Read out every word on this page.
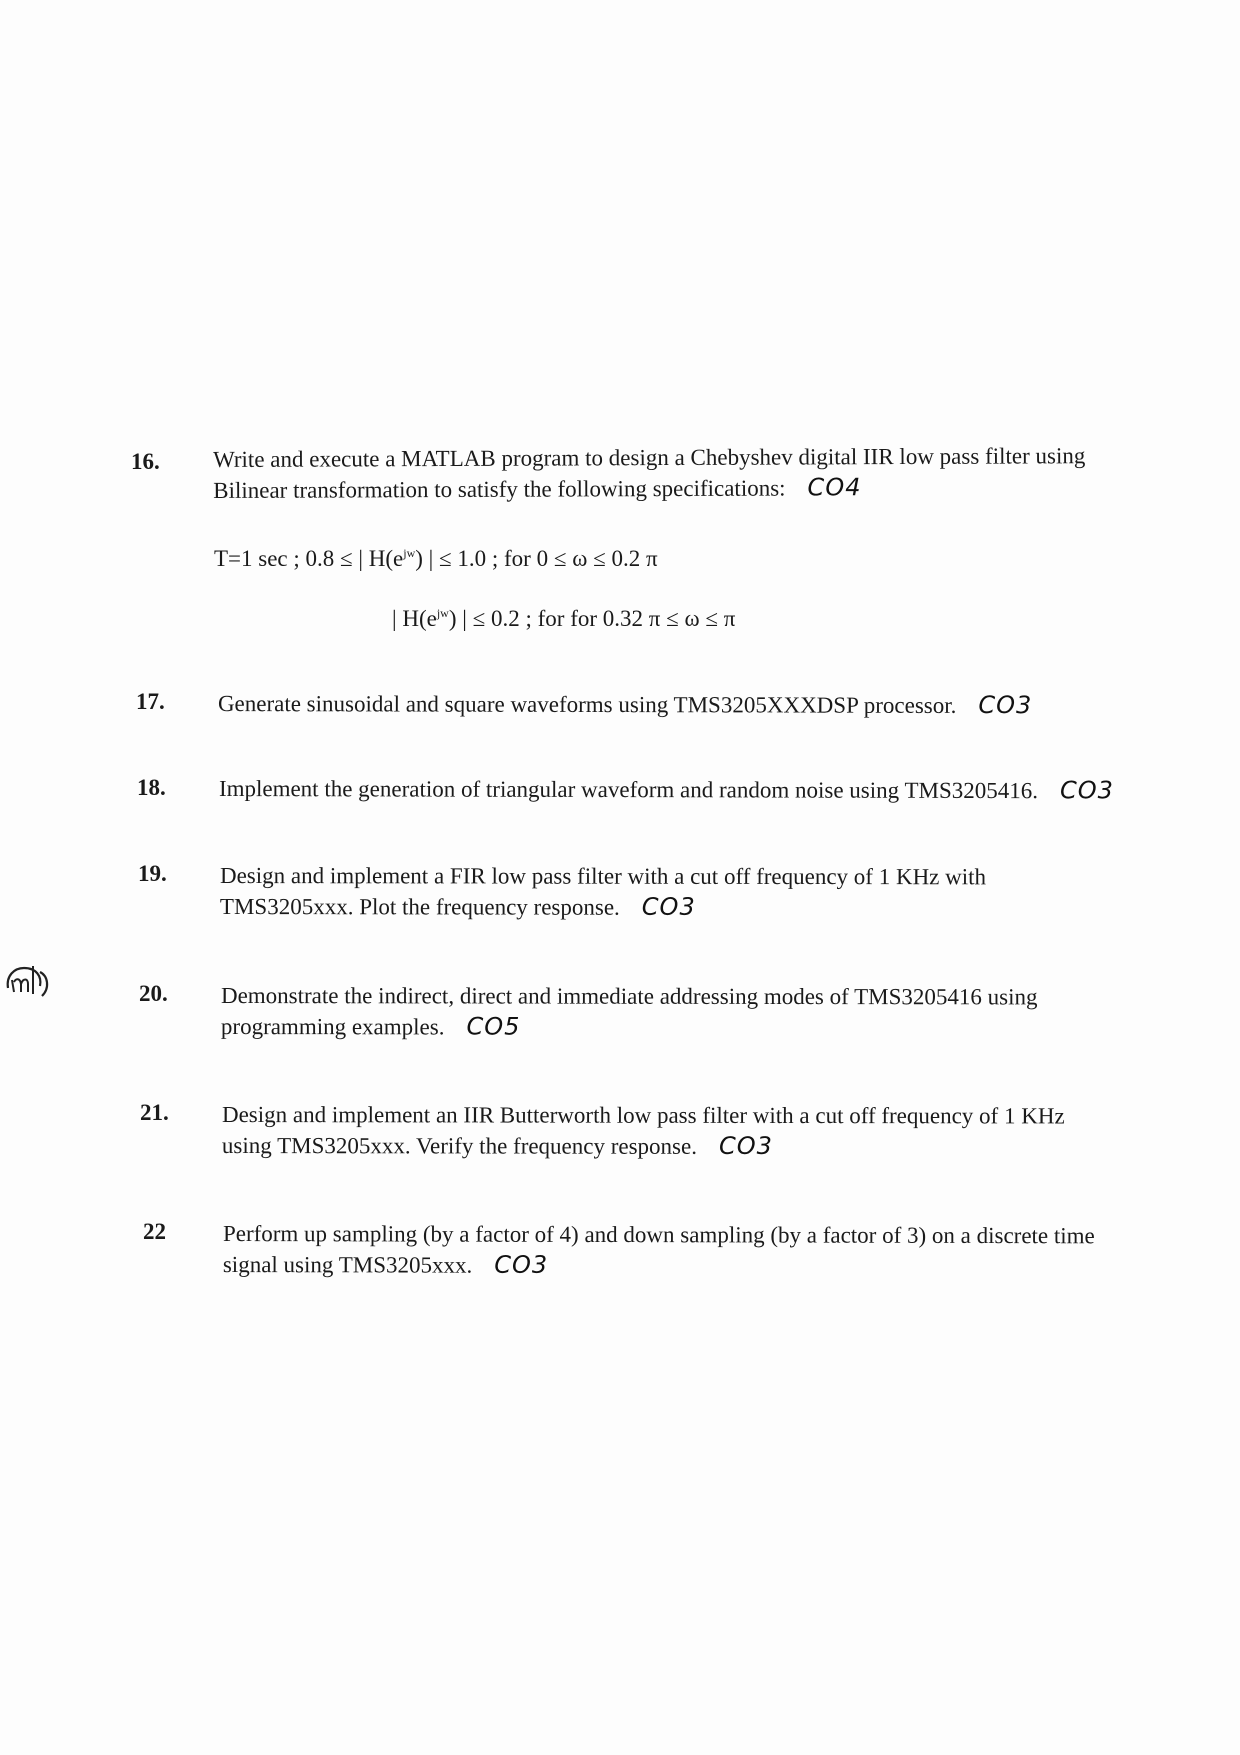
16. Write and execute a MATLAB program to design a Chebyshev digital IIR low pass filter using
Bilinear transformation to satisfy the following specifications: CO4
T=1 sec ; 0.8 ≤ | $H(e^{jw})$ | ≤ 1.0 ; for 0 ≤ ω ≤ 0.2 π
| $H(e^{jw})$ | ≤ 0.2 ; for for 0.32 π ≤ ω ≤ π
17. Generate sinusoidal and square waveforms using TMS3205XXXDSP processor. CO3
18. Implement the generation of triangular waveform and random noise using TMS3205416. CO3
19. Design and implement a FIR low pass filter with a cut off frequency of 1 KHz with
TMS3205xxx. Plot the frequency response. CO3
20. Demonstrate the indirect, direct and immediate addressing modes of TMS3205416 using
programming examples. CO5
21. Design and implement an IIR Butterworth low pass filter with a cut off frequency of 1 KHz
using TMS3205xxx. Verify the frequency response. CO3
22 Perform up sampling (by a factor of 4) and down sampling (by a factor of 3) on a discrete time
signal using TMS3205xxx. CO3
